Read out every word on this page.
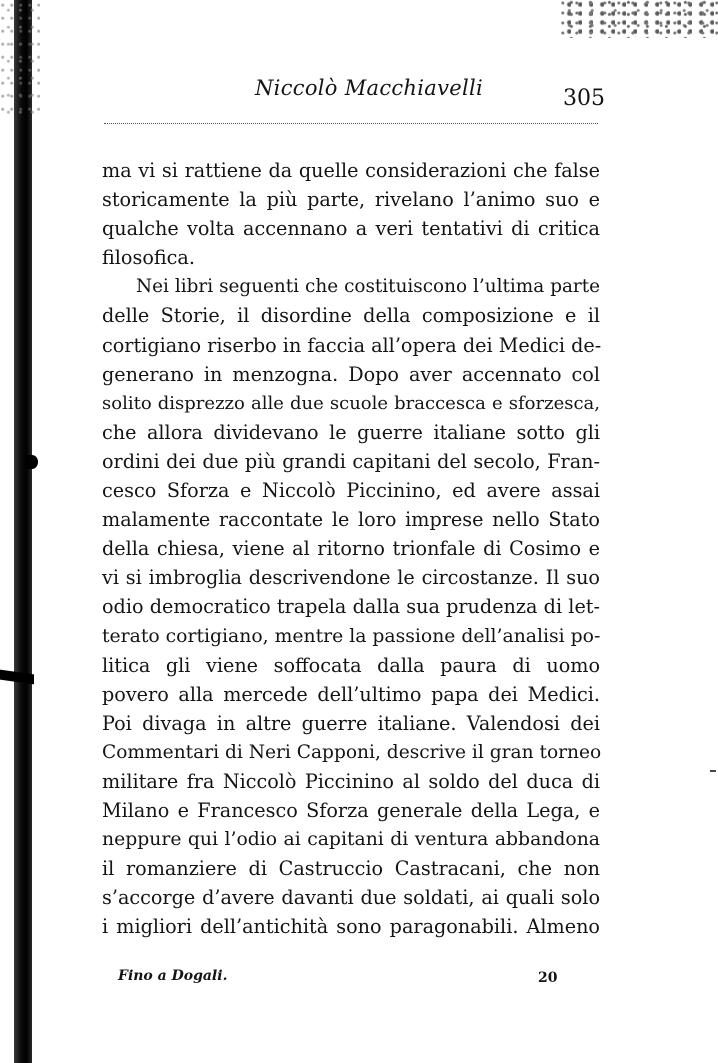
Niccolò Macchiavelli	305
ma vi si rattiene da quelle considerazioni che false
storicamente la più parte, rivelano l’animo suo e
qualche volta accennano a veri tentativi di critica
filosofica.
Nei libri seguenti che costituiscono l’ultima parte
delle Storie, il disordine della composizione e il
cortigiano riserbo in faccia all’opera dei Medici de-
generano in menzogna. Dopo aver accennato col
solito disprezzo alle due scuole braccesca e sforzesca,
che allora dividevano le guerre italiane sotto gli
ordini dei due più grandi capitani del secolo, Fran-
cesco Sforza e Niccolò Piccinino, ed avere assai
malamente raccontate le loro imprese nello Stato
della chiesa, viene al ritorno trionfale di Cosimo e
vi si imbroglia descrivendone le circostanze. Il suo
odio democratico trapela dalla sua prudenza di let-
terato cortigiano, mentre la passione dell’analisi po-
litica gli viene soffocata dalla paura di uomo
povero alla mercede dell’ultimo papa dei Medici.
Poi divaga in altre guerre italiane. Valendosi dei
Commentari di Neri Capponi, descrive il gran torneo
militare fra Niccolò Piccinino al soldo del duca di
Milano e Francesco Sforza generale della Lega, e
neppure qui l’odio ai capitani di ventura abbandona
il romanziere di Castruccio Castracani, che non
s’accorge d’avere davanti due soldati, ai quali solo
i migliori dell’antichità sono paragonabili. Almeno
Fino a Dogali.	20
